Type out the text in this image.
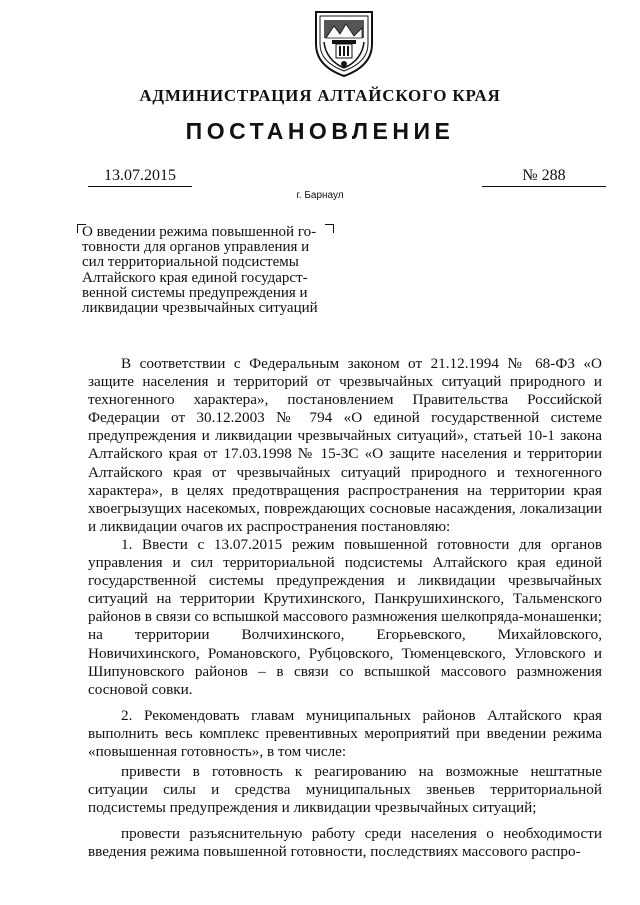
АДМИНИСТРАЦИЯ АЛТАЙСКОГО КРАЯ
ПОСТАНОВЛЕНИЕ
13.07.2015	№ 288
г. Барнаул
О введении режима повышенной го-
товности для органов управления и
сил территориальной подсистемы
Алтайского края единой государст-
венной системы предупреждения и
ликвидации чрезвычайных ситуаций

В соответствии с Федеральным законом от 21.12.1994 № 68-ФЗ «О защите населения и территорий от чрезвычайных ситуаций природного и техногенного характера», постановлением Правительства Российской Федерации от 30.12.2003 № 794 «О единой государственной системе предупреждения и ликвидации чрезвычайных ситуаций», статьей 10-1 закона Алтайского края от 17.03.1998 № 15-ЗС «О защите населения и территории Алтайского края от чрезвычайных ситуаций природного и техногенного характера», в целях предотвращения распространения на территории края хвоегрызущих насекомых, повреждающих сосновые насаждения, локализации и ликвидации очагов их распространения постановляю:

1. Ввести с 13.07.2015 режим повышенной готовности для органов управления и сил территориальной подсистемы Алтайского края единой государственной системы предупреждения и ликвидации чрезвычайных ситуаций на территории Крутихинского, Панкрушихинского, Тальменского районов в связи со вспышкой массового размножения шелкопряда-монашенки; на территории Волчихинского, Егорьевского, Михайловского, Новичихинского, Романовского, Рубцовского, Тюменцевского, Угловского и Шипуновского районов – в связи со вспышкой массового размножения сосновой совки.

2. Рекомендовать главам муниципальных районов Алтайского края выполнить весь комплекс превентивных мероприятий при введении режима «повышенная готовность», в том числе:

привести в готовность к реагированию на возможные нештатные ситуации силы и средства муниципальных звеньев территориальной подсистемы предупреждения и ликвидации чрезвычайных ситуаций;

провести разъяснительную работу среди населения о необходимости введения режима повышенной готовности, последствиях массового распро-
